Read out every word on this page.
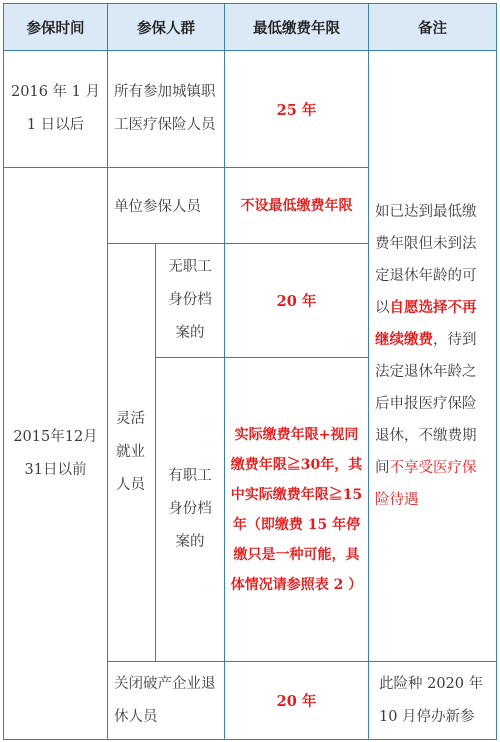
参保时间	参保人群		最低缴费年限	备注
2016 年 1 月 1 日以后	所有参加城镇职工医疗保险人员		25 年	如已达到最低缴费年限但未到法定退休年龄的可以自愿选择不再继续缴费，待到法定退休年龄之后申报医疗保险退休，不缴费期间不享受医疗保险待遇
2015年12月31日以前	单位参保人员		不设最低缴费年限	
	灵活就业人员	无职工身份档案的	20 年	
		有职工身份档案的	实际缴费年限+视同缴费年限≧30年，其中实际缴费年限≧15 年（即缴费 15 年停缴只是一种可能，具体情况请参照表 2 ）	
	关闭破产企业退休人员		20 年	此险种 2020 年 10 月停办新参
